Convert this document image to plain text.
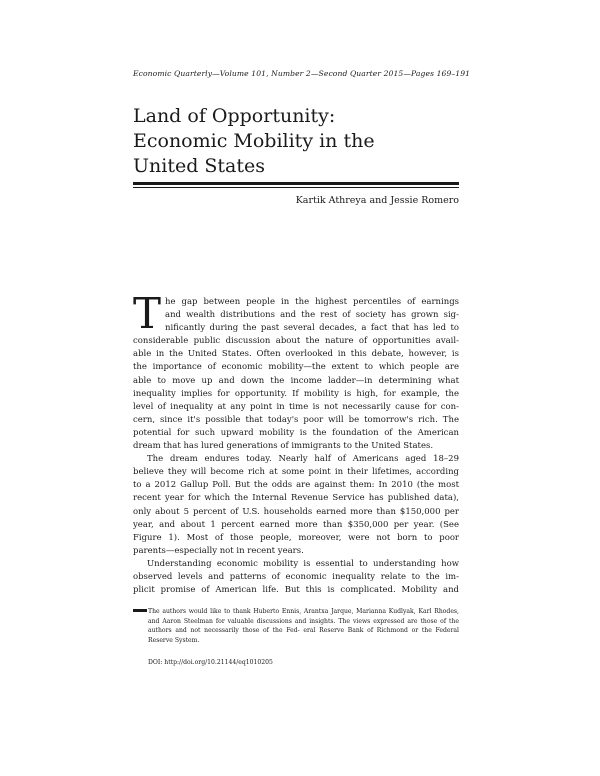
Economic Quarterly—Volume 101, Number 2—Second Quarter 2015—Pages 169–191
Land of Opportunity:
Economic Mobility in the
United States
Kartik Athreya and Jessie Romero

T he gap between people in the highest percentiles of earnings
and wealth distributions and the rest of society has grown sig-
nificantly during the past several decades, a fact that has led to
considerable public discussion about the nature of opportunities avail-
able in the United States. Often overlooked in this debate, however, is
the importance of economic mobility—the extent to which people are
able to move up and down the income ladder—in determining what
inequality implies for opportunity. If mobility is high, for example, the
level of inequality at any point in time is not necessarily cause for con-
cern, since it's possible that today's poor will be tomorrow's rich. The
potential for such upward mobility is the foundation of the American
dream that has lured generations of immigrants to the United States.

The dream endures today. Nearly half of Americans aged 18–29
believe they will become rich at some point in their lifetimes, according
to a 2012 Gallup Poll. But the odds are against them: In 2010 (the most
recent year for which the Internal Revenue Service has published data),
only about 5 percent of U.S. households earned more than $150,000 per
year, and about 1 percent earned more than $350,000 per year. (See
Figure 1). Most of those people, moreover, were not born to poor
parents—especially not in recent years.

Understanding economic mobility is essential to understanding how
observed levels and patterns of economic inequality relate to the im-
plicit promise of American life. But this is complicated. Mobility and

The authors would like to thank Huberto Ennis, Arantxa Jarque, Marianna Kudlyak, Karl Rhodes, and Aaron Steelman for valuable discussions and insights. The views expressed are those of the authors and not necessarily those of the Fed- eral Reserve Bank of Richmond or the Federal Reserve System.
DOI: http://doi.org/10.21144/eq1010205
